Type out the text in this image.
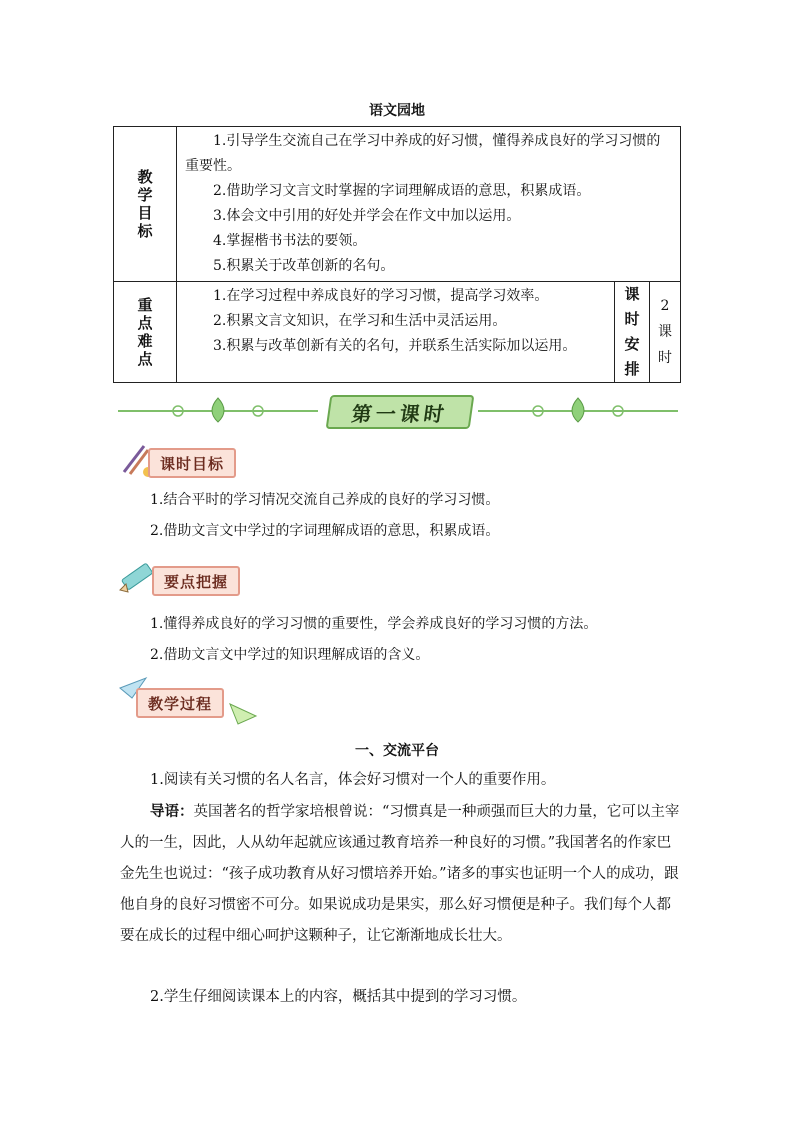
语文园地
教学目标	1.引导学生交流自己在学习中养成的好习惯，懂得养成良好的学习习惯的重要性。
2.借助学习文言文时掌握的字词理解成语的意思，积累成语。
3.体会文中引用的好处并学会在作文中加以运用。
4.掌握楷书书法的要领。
5.积累关于改革创新的名句。		

重点难点	1.在学习过程中养成良好的学习习惯，提高学习效率。
2.积累文言文知识，在学习和生活中灵活运用。
3.积累与改革创新有关的名句，并联系生活实际加以运用。	课时安排	2课时
第一课时
课时目标
1.结合平时的学习情况交流自己养成的良好的学习习惯。
2.借助文言文中学过的字词理解成语的意思，积累成语。
要点把握
1.懂得养成良好的学习习惯的重要性，学会养成良好的学习习惯的方法。
2.借助文言文中学过的知识理解成语的含义。
教学过程
一、交流平台
1.阅读有关习惯的名人名言，体会好习惯对一个人的重要作用。
导语：英国著名的哲学家培根曾说：“习惯真是一种顽强而巨大的力量，它可以主宰人的一生，因此，人从幼年起就应该通过教育培养一种良好的习惯。”我国著名的作家巴金先生也说过：“孩子成功教育从好习惯培养开始。”诸多的事实也证明一个人的成功，跟他自身的良好习惯密不可分。如果说成功是果实，那么好习惯便是种子。我们每个人都要在成长的过程中细心呵护这颗种子，让它渐渐地成长壮大。
2.学生仔细阅读课本上的内容，概括其中提到的学习习惯。
